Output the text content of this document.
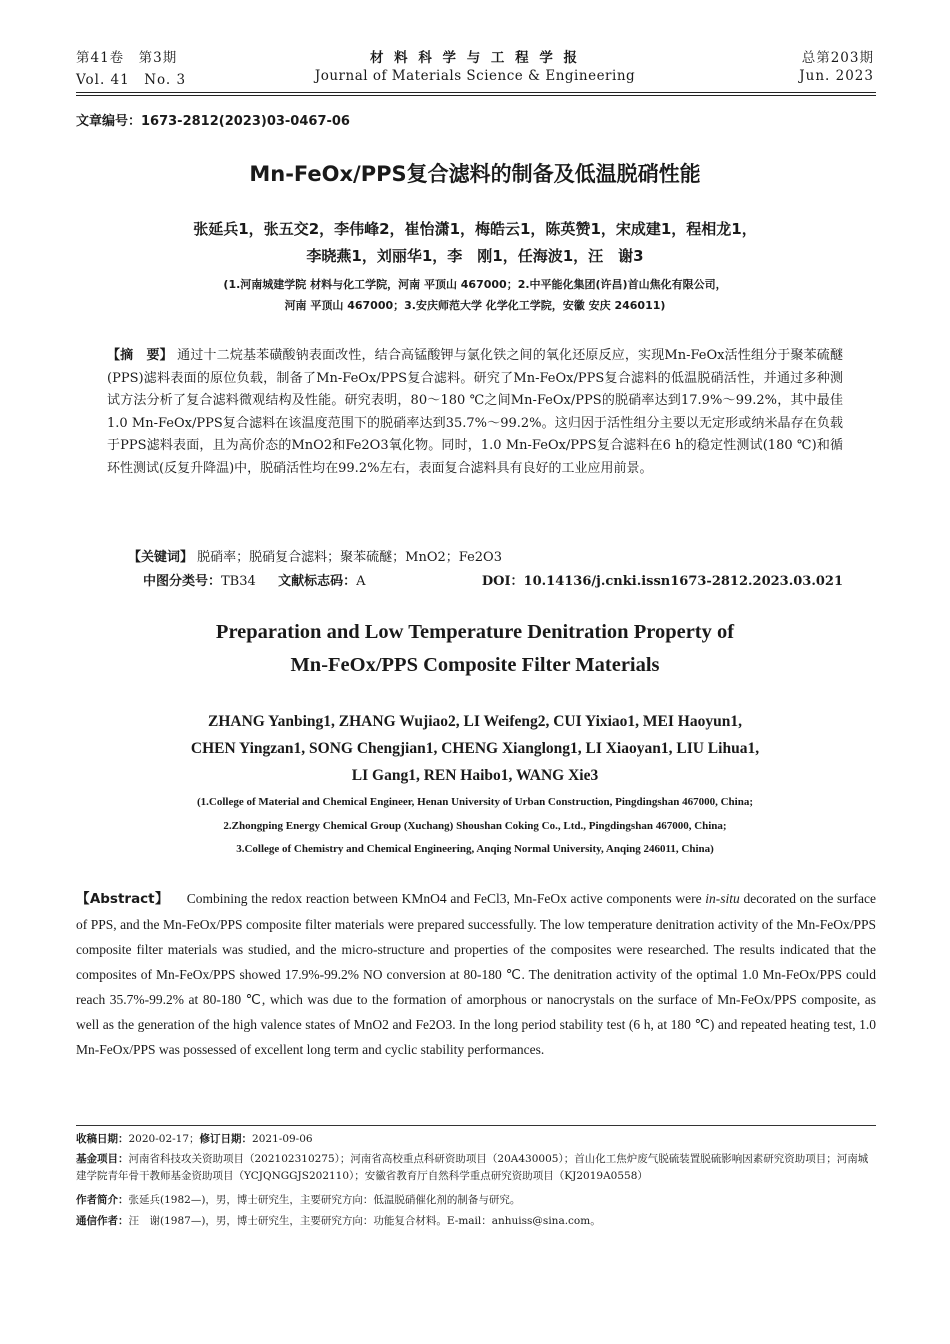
第41卷　第3期
Vol. 41　No. 3
材 料 科 学 与 工 程 学 报
Journal of Materials Science & Engineering
总第203期
Jun. 2023
文章编号：1673-2812(2023)03-0467-06
Mn-FeOx/PPS复合滤料的制备及低温脱硝性能
张延兵1，张五交2，李伟峰2，崔怡潇1，梅皓云1，陈英赞1，宋成建1，程相龙1，
李晓燕1，刘丽华1，李　刚1，任海波1，汪　谢3
(1.河南城建学院 材料与化工学院，河南 平顶山 467000；2.中平能化集团(许昌)首山焦化有限公司，
河南 平顶山 467000；3.安庆师范大学 化学化工学院，安徽 安庆 246011)
【摘　要】 通过十二烷基苯磺酸钠表面改性，结合高锰酸钾与氯化铁之间的氧化还原反应，实现Mn-FeOx活性组分于聚苯硫醚(PPS)滤料表面的原位负载，制备了Mn-FeOx/PPS复合滤料。研究了Mn-FeOx/PPS复合滤料的低温脱硝活性，并通过多种测试方法分析了复合滤料微观结构及性能。研究表明，80～180 ℃之间Mn-FeOx/PPS的脱硝率达到17.9%～99.2%，其中最佳1.0 Mn-FeOx/PPS复合滤料在该温度范围下的脱硝率达到35.7%～99.2%。这归因于活性组分主要以无定形或纳米晶存在负载于PPS滤料表面，且为高价态的MnO2和Fe2O3氧化物。同时，1.0 Mn-FeOx/PPS复合滤料在6 h的稳定性测试(180 ℃)和循环性测试(反复升降温)中，脱硝活性均在99.2%左右，表面复合滤料具有良好的工业应用前景。
【关键词】 脱硝率；脱硝复合滤料；聚苯硫醚；MnO2；Fe2O3
中图分类号：TB34 文献标志码：A	DOI：10.14136/j.cnki.issn1673-2812.2023.03.021
Preparation and Low Temperature Denitration Property of
Mn-FeOx/PPS Composite Filter Materials
ZHANG Yanbing1, ZHANG Wujiao2, LI Weifeng2, CUI Yixiao1, MEI Haoyun1,
CHEN Yingzan1, SONG Chengjian1, CHENG Xianglong1, LI Xiaoyan1, LIU Lihua1,
LI Gang1, REN Haibo1, WANG Xie3
(1.College of Material and Chemical Engineer, Henan University of Urban Construction, Pingdingshan 467000, China;
2.Zhongping Energy Chemical Group (Xuchang) Shoushan Coking Co., Ltd., Pingdingshan 467000, China;
3.College of Chemistry and Chemical Engineering, Anqing Normal University, Anqing 246011, China)
【Abstract】 Combining the redox reaction between KMnO4 and FeCl3, Mn-FeOx active components were in-situ decorated on the surface of PPS, and the Mn-FeOx/PPS composite filter materials were prepared successfully. The low temperature denitration activity of the Mn-FeOx/PPS composite filter materials was studied, and the micro-structure and properties of the composites were researched. The results indicated that the composites of Mn-FeOx/PPS showed 17.9%-99.2% NO conversion at 80-180 ℃. The denitration activity of the optimal 1.0 Mn-FeOx/PPS could reach 35.7%-99.2% at 80-180 ℃, which was due to the formation of amorphous or nanocrystals on the surface of Mn-FeOx/PPS composite, as well as the generation of the high valence states of MnO2 and Fe2O3. In the long period stability test (6 h, at 180 ℃) and repeated heating test, 1.0 Mn-FeOx/PPS was possessed of excellent long term and cyclic stability performances.
收稿日期：2020-02-17；修订日期：2021-09-06
基金项目：河南省科技攻关资助项目（202102310275）；河南省高校重点科研资助项目（20A430005）；首山化工焦炉废气脱硫装置脱硫影响因素研究资助项目；河南城建学院青年骨干教师基金资助项目（YCJQNGGJS202110）；安徽省教育厅自然科学重点研究资助项目（KJ2019A0558）
作者简介：张延兵(1982—)，男，博士研究生，主要研究方向：低温脱硝催化剂的制备与研究。
通信作者：汪　谢(1987—)，男，博士研究生，主要研究方向：功能复合材料。E-mail：anhuiss@sina.com。
